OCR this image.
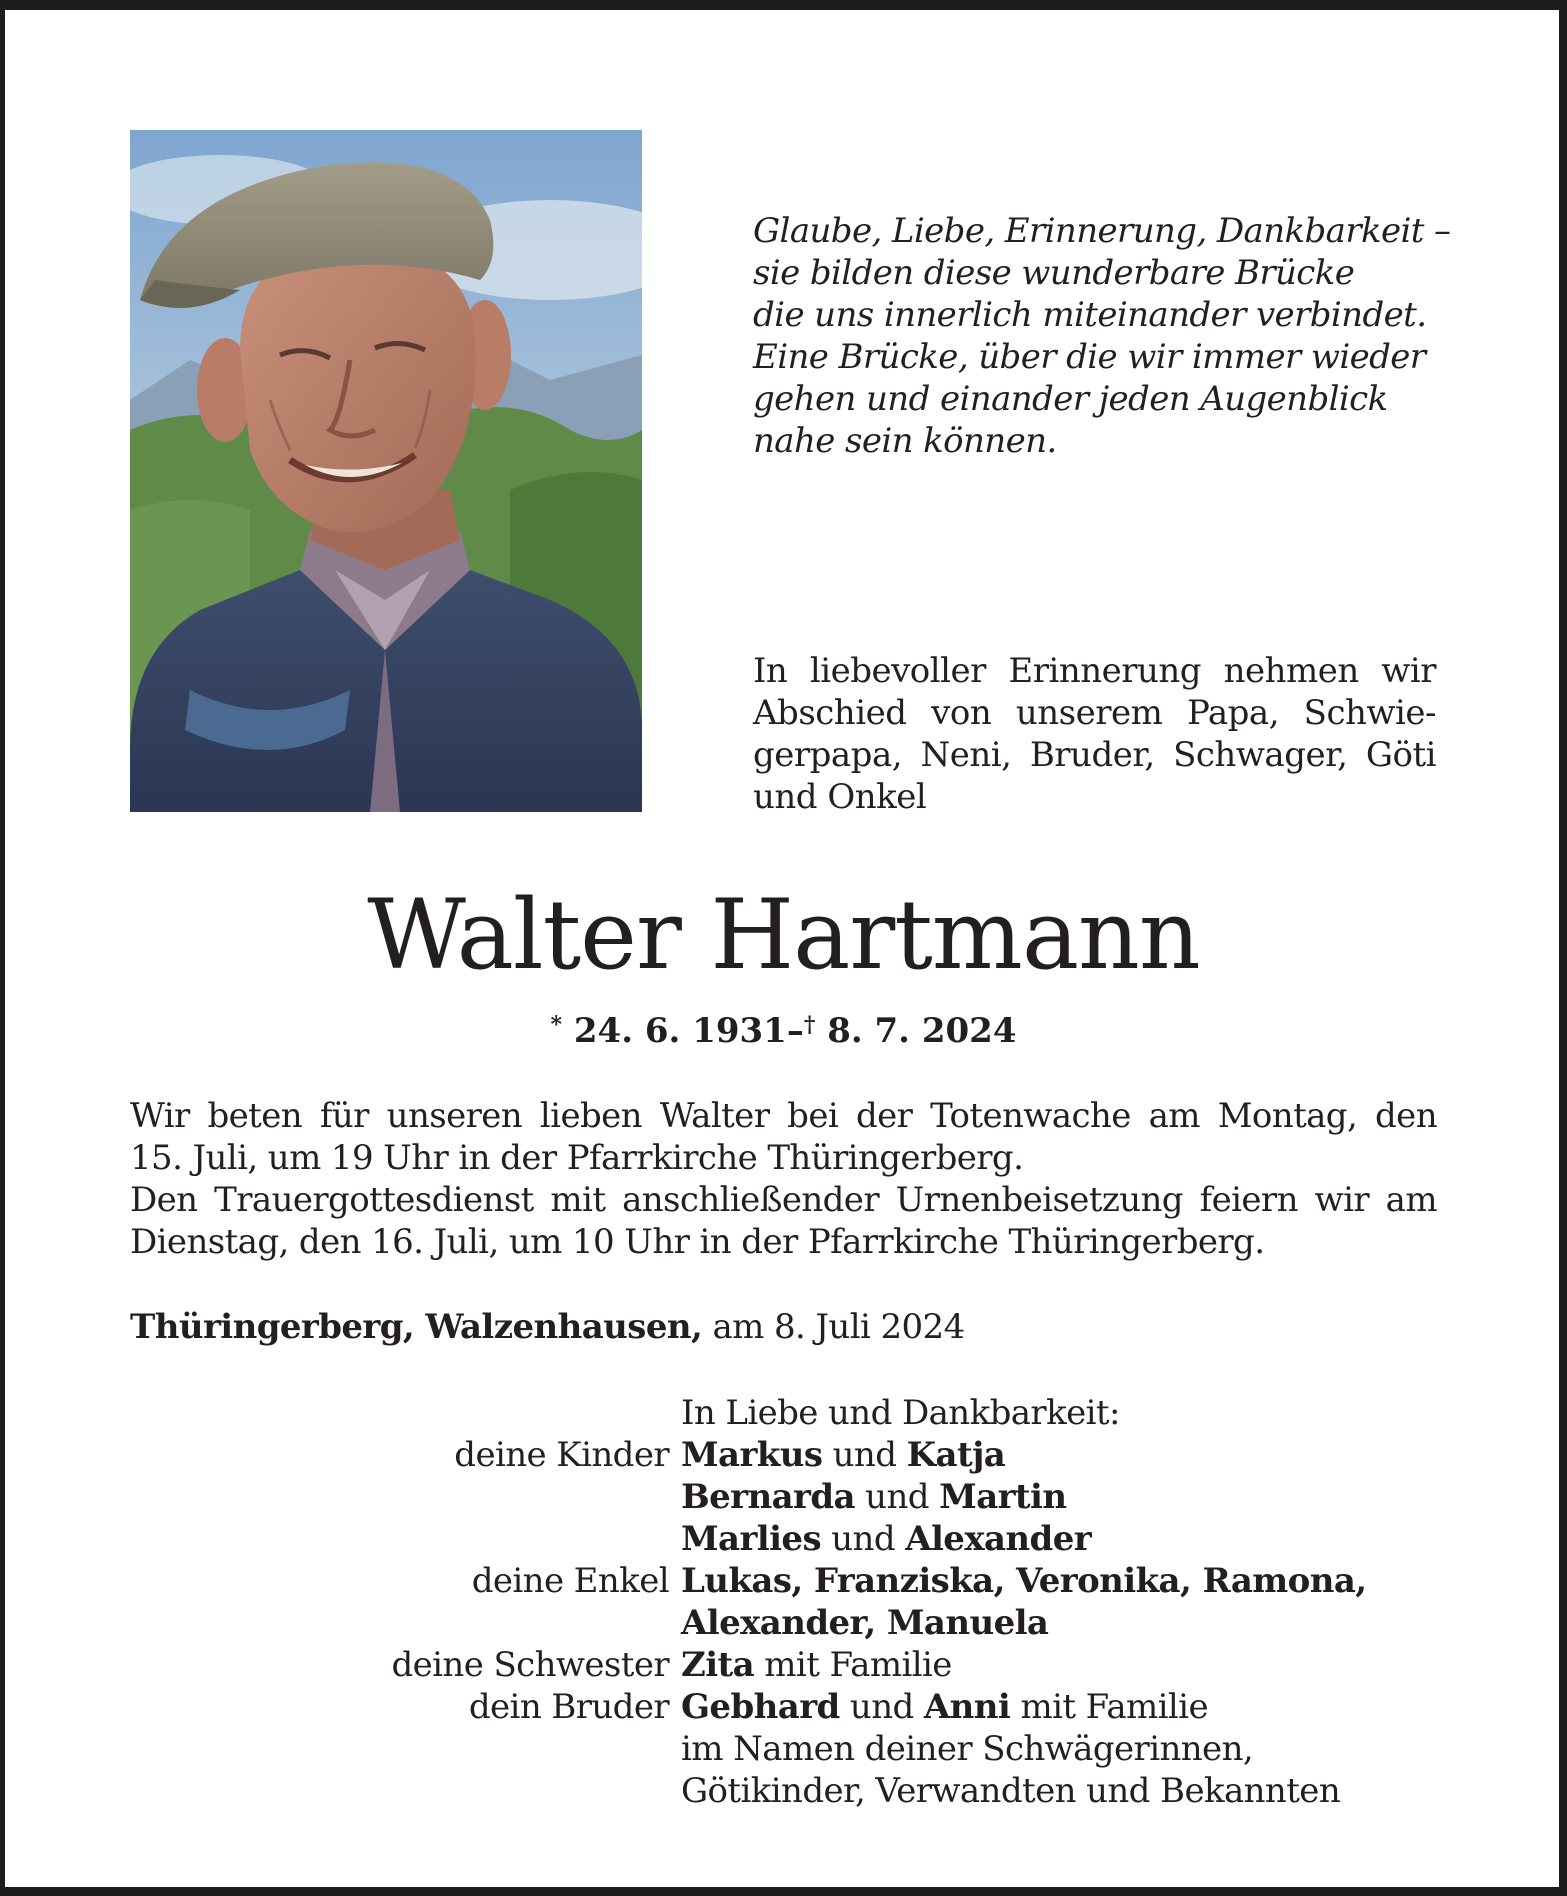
Glaube, Liebe, Erinnerung, Dankbarkeit –
sie bilden diese wunderbare Brücke
die uns innerlich miteinander verbindet.
Eine Brücke, über die wir immer wieder
gehen und einander jeden Augenblick
nahe sein können.
In liebevoller Erinnerung nehmen wir
Abschied von unserem Papa, Schwie-
gerpapa, Neni, Bruder, Schwager, Göti
und Onkel
Walter Hartmann
* 24. 6. 1931–† 8. 7. 2024
Wir beten für unseren lieben Walter bei der Totenwache am Montag, den
15. Juli, um 19 Uhr in der Pfarrkirche Thüringerberg.
Den Trauergottesdienst mit anschließender Urnenbeisetzung feiern wir am
Dienstag, den 16. Juli, um 10 Uhr in der Pfarrkirche Thüringerberg.
Thüringerberg, Walzenhausen, am 8. Juli 2024
In Liebe und Dankbarkeit:
deine Kinder Markus und Katja
Bernarda und Martin
Marlies und Alexander
deine Enkel Lukas, Franziska, Veronika, Ramona,
Alexander, Manuela
deine Schwester Zita mit Familie
dein Bruder Gebhard und Anni mit Familie
im Namen deiner Schwägerinnen,
Götikinder, Verwandten und Bekannten
